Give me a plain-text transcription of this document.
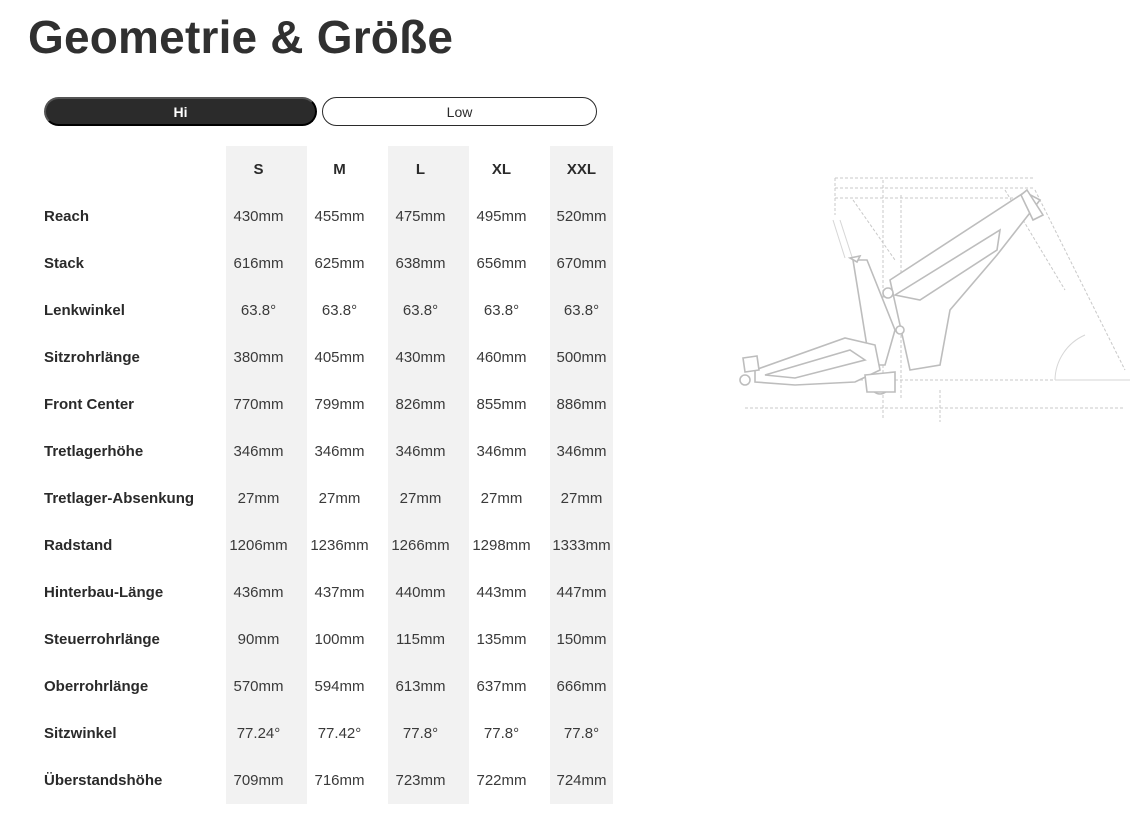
Geometrie & Größe
Hi	Low
S	M	L	XL	XXL
Reach	430mm	455mm	475mm	495mm	520mm
Stack	616mm	625mm	638mm	656mm	670mm
Lenkwinkel	63.8°	63.8°	63.8°	63.8°	63.8°
Sitzrohrlänge	380mm	405mm	430mm	460mm	500mm
Front Center	770mm	799mm	826mm	855mm	886mm
Tretlagerhöhe	346mm	346mm	346mm	346mm	346mm
Tretlager-Absenkung	27mm	27mm	27mm	27mm	27mm
Radstand	1206mm	1236mm	1266mm	1298mm	1333mm
Hinterbau-Länge	436mm	437mm	440mm	443mm	447mm
Steuerrohrlänge	90mm	100mm	115mm	135mm	150mm
Oberrohrlänge	570mm	594mm	613mm	637mm	666mm
Sitzwinkel	77.24°	77.42°	77.8°	77.8°	77.8°
Überstandshöhe	709mm	716mm	723mm	722mm	724mm
